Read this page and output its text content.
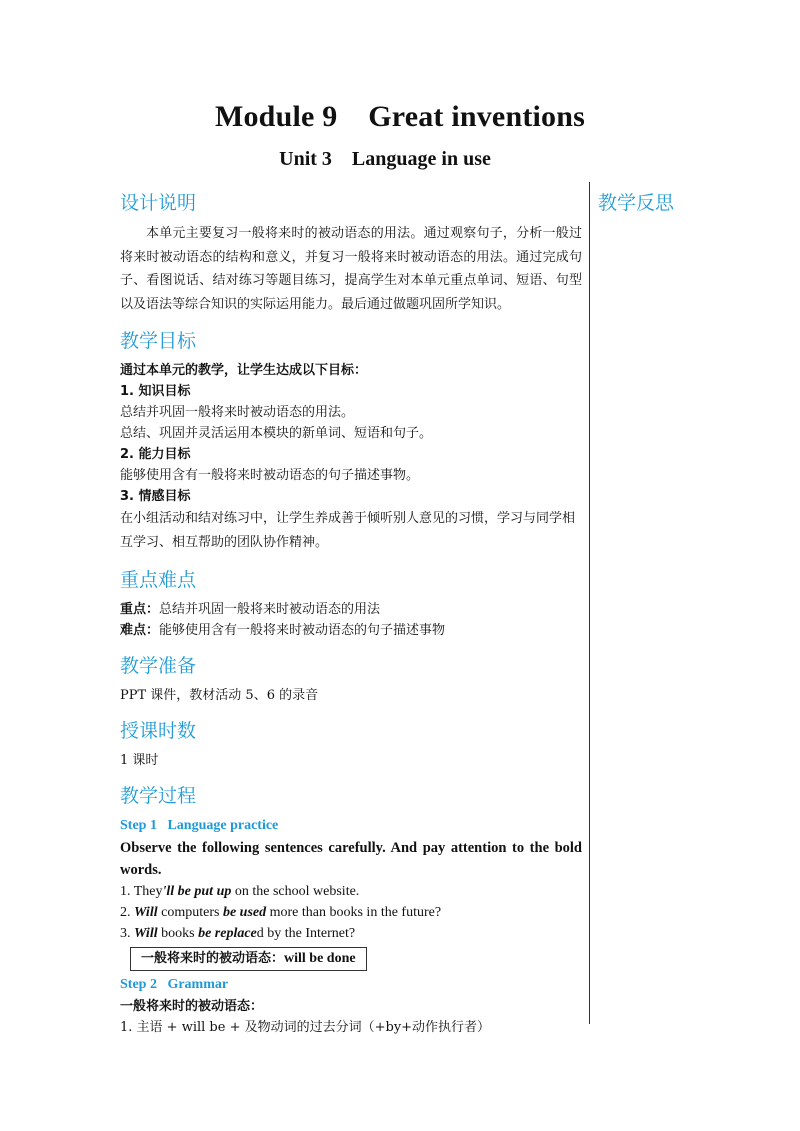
Module 9    Great inventions
Unit 3    Language in use
教学反思
设计说明

本单元主要复习一般将来时的被动语态的用法。通过观察句子，分析一般过将来时被动语态的结构和意义，并复习一般将来时被动语态的用法。通过完成句子、看图说话、结对练习等题目练习，提高学生对本单元重点单词、短语、句型以及语法等综合知识的实际运用能力。最后通过做题巩固所学知识。

教学目标

通过本单元的教学，让学生达成以下目标：

1. 知识目标

总结并巩固一般将来时被动语态的用法。

总结、巩固并灵活运用本模块的新单词、短语和句子。

2. 能力目标

能够使用含有一般将来时被动语态的句子描述事物。

3. 情感目标

在小组活动和结对练习中，让学生养成善于倾听别人意见的习惯，学习与同学相互学习、相互帮助的团队协作精神。

重点难点

重点：总结并巩固一般将来时被动语态的用法

难点：能够使用含有一般将来时被动语态的句子描述事物

教学准备

PPT 课件，教材活动 5、6 的录音

授课时数

1 课时

教学过程

Step 1   Language practice

Observe the following sentences carefully. And pay attention to the bold words.

1. They'll be put up on the school website.

2. Will computers be used more than books in the future?

3. Will books be replaced by the Internet?

一般将来时的被动语态：will be done

Step 2   Grammar

一般将来时的被动语态：

1. 主语 + will be + 及物动词的过去分词（+by+动作执行者）
